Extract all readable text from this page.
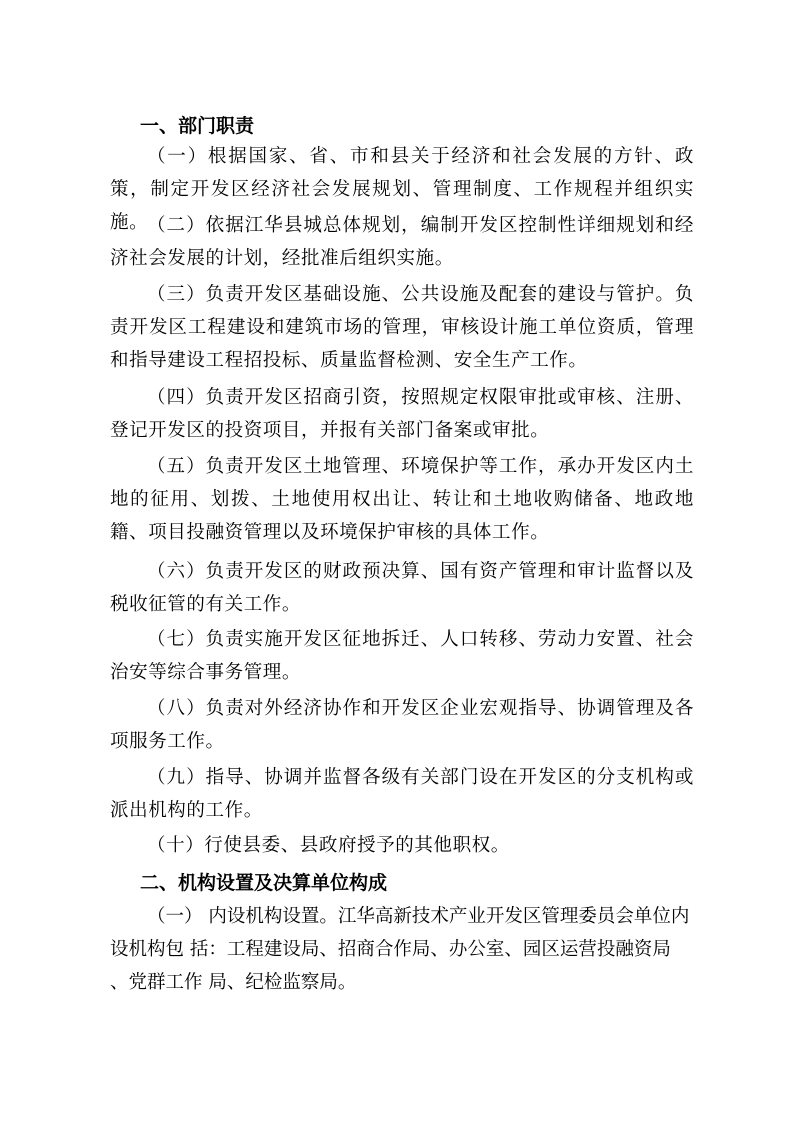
一、部门职责
（一）根据国家、省、市和县关于经济和社会发展的方针、政策，制定开发区经济社会发展规划、管理制度、工作规程并组织实施。
（二）依据江华县城总体规划，编制开发区控制性详细规划和经济社会发展的计划，经批准后组织实施。
（三）负责开发区基础设施、公共设施及配套的建设与管护。负责开发区工程建设和建筑市场的管理，审核设计施工单位资质，管理和指导建设工程招投标、质量监督检测、安全生产工作。
（四）负责开发区招商引资，按照规定权限审批或审核、注册、登记开发区的投资项目，并报有关部门备案或审批。
（五）负责开发区土地管理、环境保护等工作，承办开发区内土地的征用、划拨、土地使用权出让、转让和土地收购储备、地政地籍、项目投融资管理以及环境保护审核的具体工作。
（六）负责开发区的财政预决算、国有资产管理和审计监督以及税收征管的有关工作。
（七）负责实施开发区征地拆迁、人口转移、劳动力安置、社会治安等综合事务管理。
（八）负责对外经济协作和开发区企业宏观指导、协调管理及各项服务工作。
（九）指导、协调并监督各级有关部门设在开发区的分支机构或派出机构的工作。
（十）行使县委、县政府授予的其他职权。
二、机构设置及决算单位构成
（一） 内设机构设置。江华高新技术产业开发区管理委员会单位内
设机构包 括：工程建设局、招商合作局、办公室、园区运营投融资局
、党群工作 局、纪检监察局。
